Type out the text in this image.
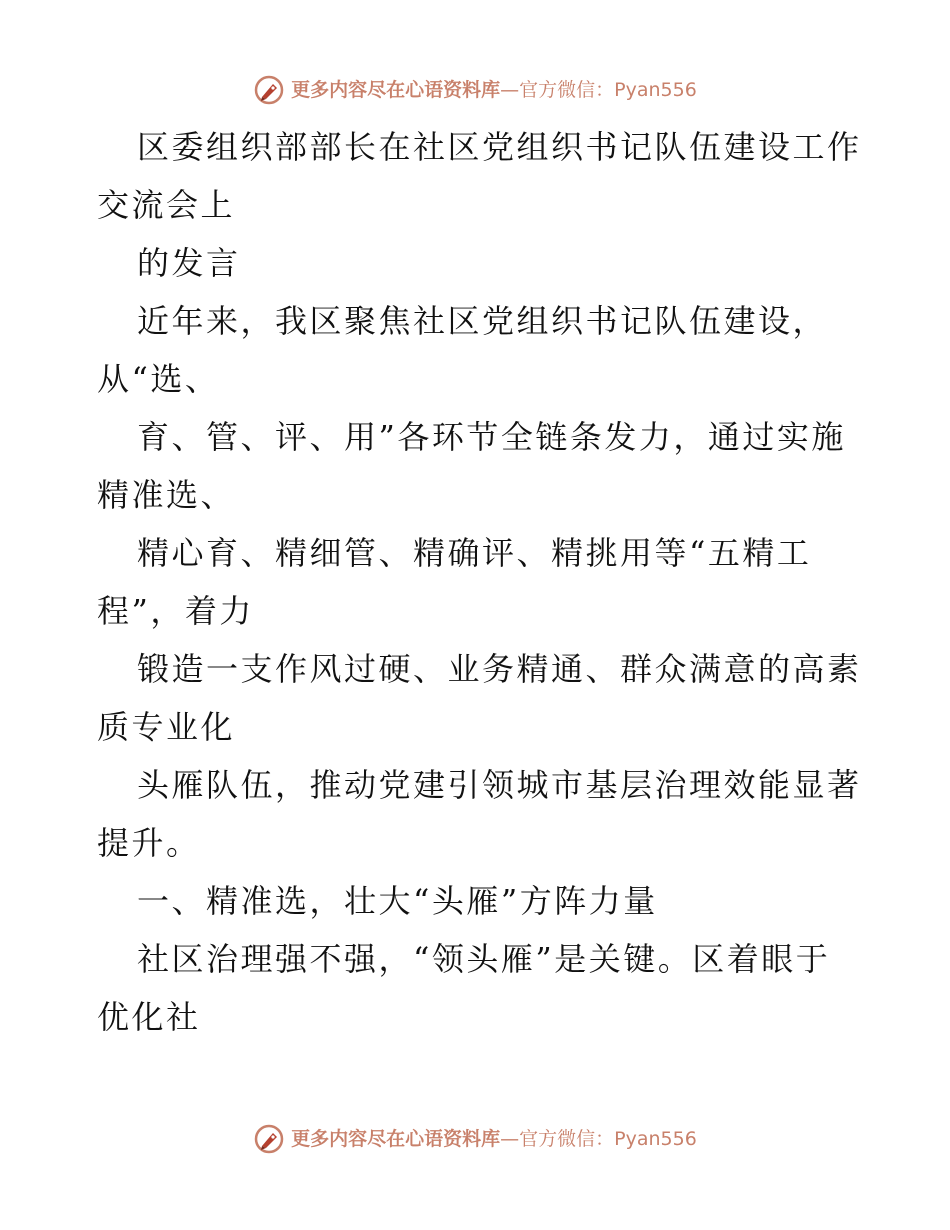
更多内容尽在心语资料库—官方微信：Pyan556
区委组织部部长在社区党组织书记队伍建设工作
交流会上
的发言
近年来，我区聚焦社区党组织书记队伍建设，
从“选、
育、管、评、用”各环节全链条发力，通过实施
精准选、
精心育、精细管、精确评、精挑用等“五精工
程”，着力
锻造一支作风过硬、业务精通、群众满意的高素
质专业化
头雁队伍，推动党建引领城市基层治理效能显著
提升。
一、精准选，壮大“头雁”方阵力量
社区治理强不强，“领头雁”是关键。区着眼于
优化社
更多内容尽在心语资料库—官方微信：Pyan556
